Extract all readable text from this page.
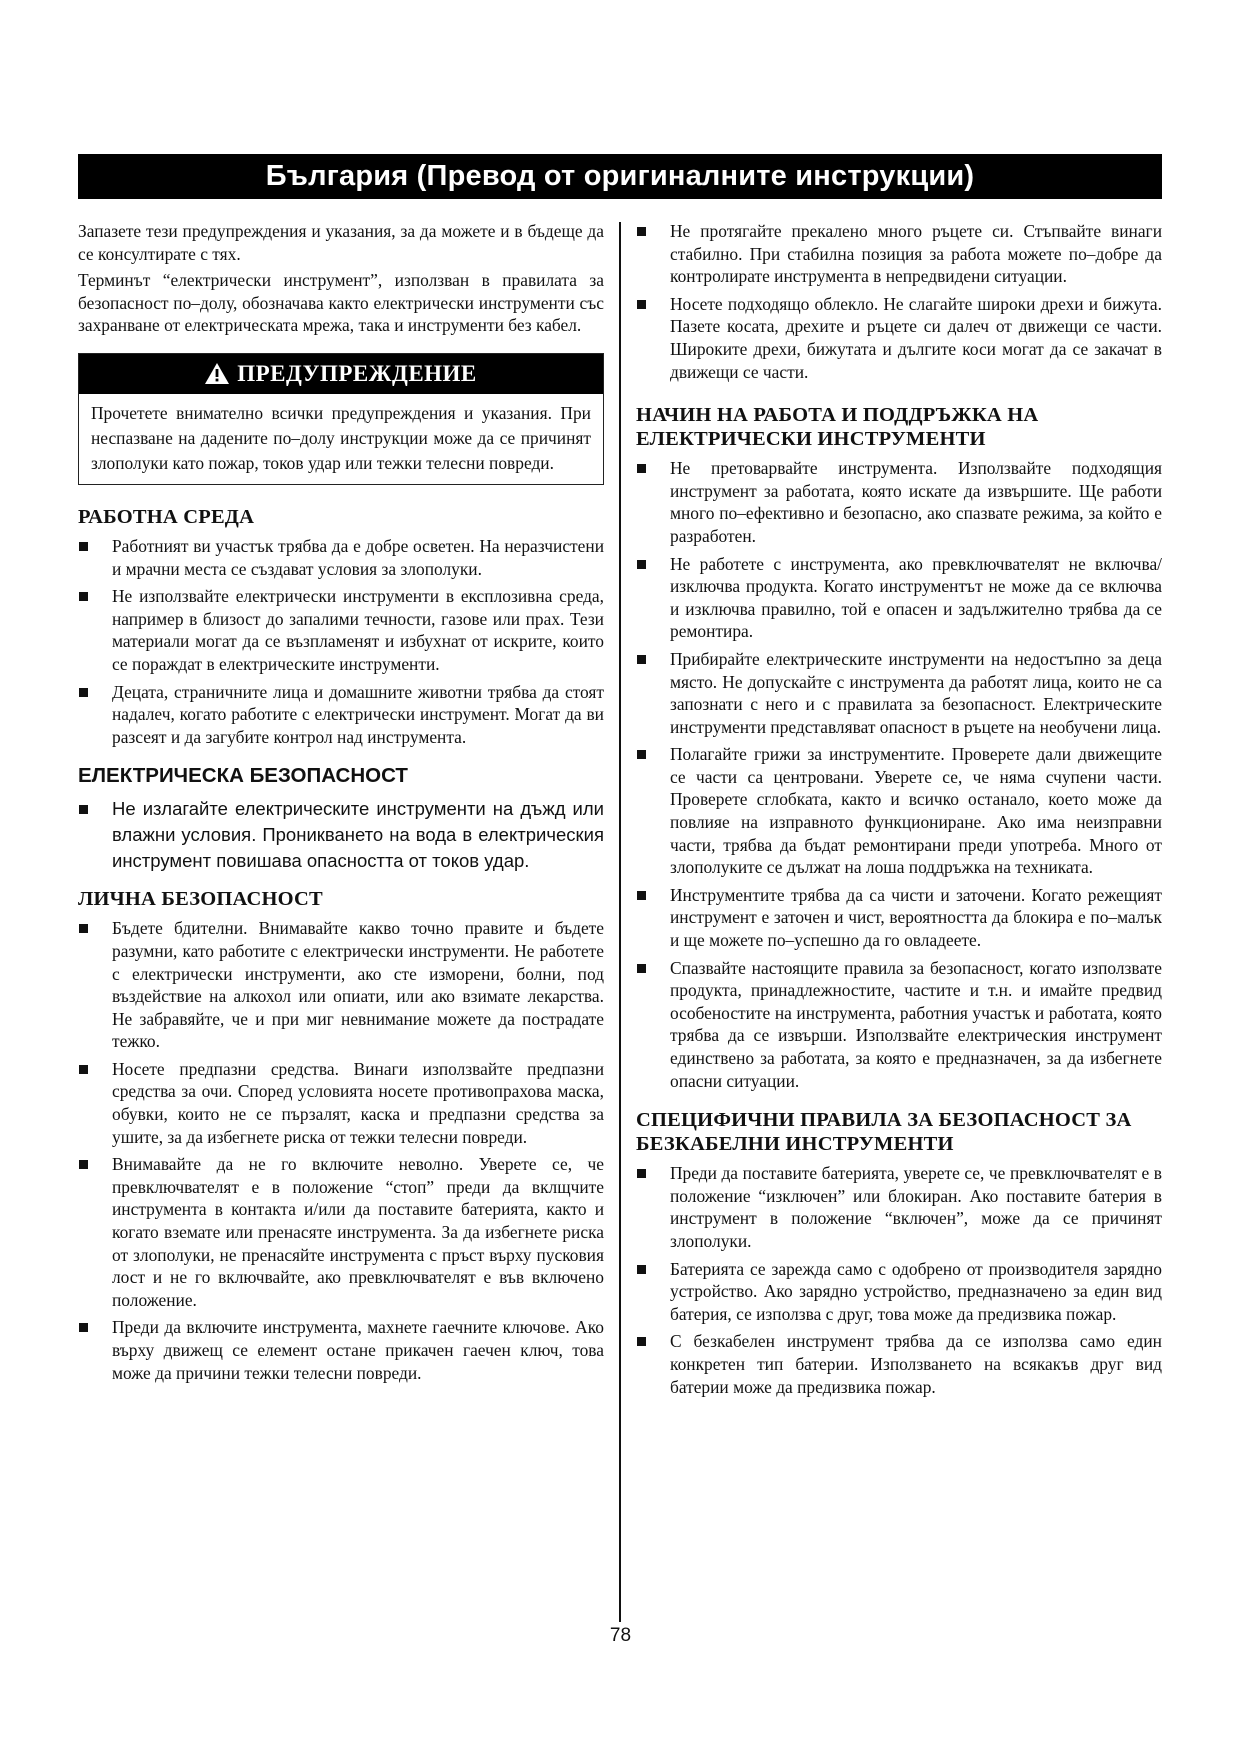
България (Превод от оригиналните инструкции)

Запазете тези предупреждения и указания, за да можете и в бъдеще да се консултирате с тях.

Терминът “електрически инструмент”, използван в правилата за безопасност по–долу, обозначава както електрически инструменти със захранване от електрическата мрежа, така и инструменти без кабел.

ПРЕДУПРЕЖДЕНИЕ
Прочетете внимателно всички предупреждения и указания. При неспазване на дадените по–долу инструкции може да се причинят злополуки като пожар, токов удар или тежки телесни повреди.
РАБОТНА СРЕДА
Работният ви участък трябва да е добре осветен. На неразчистени и мрачни места се създават условия за злополуки.
Не използвайте електрически инструменти в експлозивна среда, например в близост до запалими течности, газове или прах. Тези материали могат да се възпламенят и избухнат от искрите, които се пораждат в електрическите инструменти.
Децата, страничните лица и домашните животни трябва да стоят надалеч, когато работите с електрически инструмент. Могат да ви разсеят и да загубите контрол над инструмента.
ЕЛЕКТРИЧЕСКА БЕЗОПАСНОСТ
Не излагайте електрическите инструменти на дъжд или влажни условия. Проникването на вода в електрическия инструмент повишава опасността от токов удар.
ЛИЧНА БЕЗОПАСНОСТ
Бъдете бдителни. Внимавайте какво точно правите и бъдете разумни, като работите с електрически инструменти. Не работете с електрически инструменти, ако сте изморени, болни, под въздействие на алкохол или опиати, или ако взимате лекарства. Не забравяйте, че и при миг невнимание можете да пострадате тежко.
Носете предпазни средства. Винаги използвайте предпазни средства за очи. Според условията носете противопрахова маска, обувки, които не се пързалят, каска и предпазни средства за ушите, за да избегнете риска от тежки телесни повреди.
Внимавайте да не го включите неволно. Уверете се, че превключвателят е в положение “стоп” преди да вклщчите инструмента в контакта и/или да поставите батерията, както и когато вземате или пренасяте инструмента. За да избегнете риска от злополуки, не пренасяйте инструмента с пръст върху пусковия лост и не го включвайте, ако превключвателят е във включено положение.
Преди да включите инструмента, махнете гаечните ключове. Ако върху движещ се елемент остане прикачен гаечен ключ, това може да причини тежки телесни повреди.
Не протягайте прекалено много ръцете си. Стъпвайте винаги стабилно. При стабилна позиция за работа можете по–добре да контролирате инструмента в непредвидени ситуации.
Носете подходящо облекло. Не слагайте широки дрехи и бижута. Пазете косата, дрехите и ръцете си далеч от движещи се части. Широките дрехи, бижутата и дългите коси могат да се закачат в движещи се части.
НАЧИН НА РАБОТА И ПОДДРЪЖКА НА ЕЛЕКТРИЧЕСКИ ИНСТРУМЕНТИ
Не претоварвайте инструмента. Използвайте подходящия инструмент за работата, която искате да извършите. Ще работи много по–ефективно и безопасно, ако спазвате режима, за който е разработен.
Не работете с инструмента, ако превключвателят не включва/изключва продукта. Когато инструментът не може да се включва и изключва правилно, той е опасен и задължително трябва да се ремонтира.
Прибирайте електрическите инструменти на недостъпно за деца място. Не допускайте с инструмента да работят лица, които не са запознати с него и с правилата за безопасност. Електрическите инструменти представляват опасност в ръцете на необучени лица.
Полагайте грижи за инструментите. Проверете дали движещите се части са центровани. Уверете се, че няма счупени части. Проверете сглобката, както и всичко останало, което може да повлияе на изправното функциониране. Ако има неизправни части, трябва да бъдат ремонтирани преди употреба. Много от злополуките се дължат на лоша поддръжка на техниката.
Инструментите трябва да са чисти и заточени. Когато режещият инструмент е заточен и чист, вероятността да блокира е по–малък и ще можете по–успешно да го овладеете.
Спазвайте настоящите правила за безопасност, когато използвате продукта, принадлежностите, частите и т.н. и имайте предвид особеностите на инструмента, работния участък и работата, която трябва да се извърши. Използвайте електрическия инструмент единствено за работата, за която е предназначен, за да избегнете опасни ситуации.
СПЕЦИФИЧНИ ПРАВИЛА ЗА БЕЗОПАСНОСТ ЗА БЕЗКАБЕЛНИ ИНСТРУМЕНТИ
Преди да поставите батерията, уверете се, че превключвателят е в положение “изключен” или блокиран. Ако поставите батерия в инструмент в положение “включен”, може да се причинят злополуки.
Батерията се зарежда само с одобрено от производителя зарядно устройство. Ако зарядно устройство, предназначено за един вид батерия, се използва с друг, това може да предизвика пожар.
С безкабелен инструмент трябва да се използва само един конкретен тип батерии. Използването на всякакъв друг вид батерии може да предизвика пожар.
78
